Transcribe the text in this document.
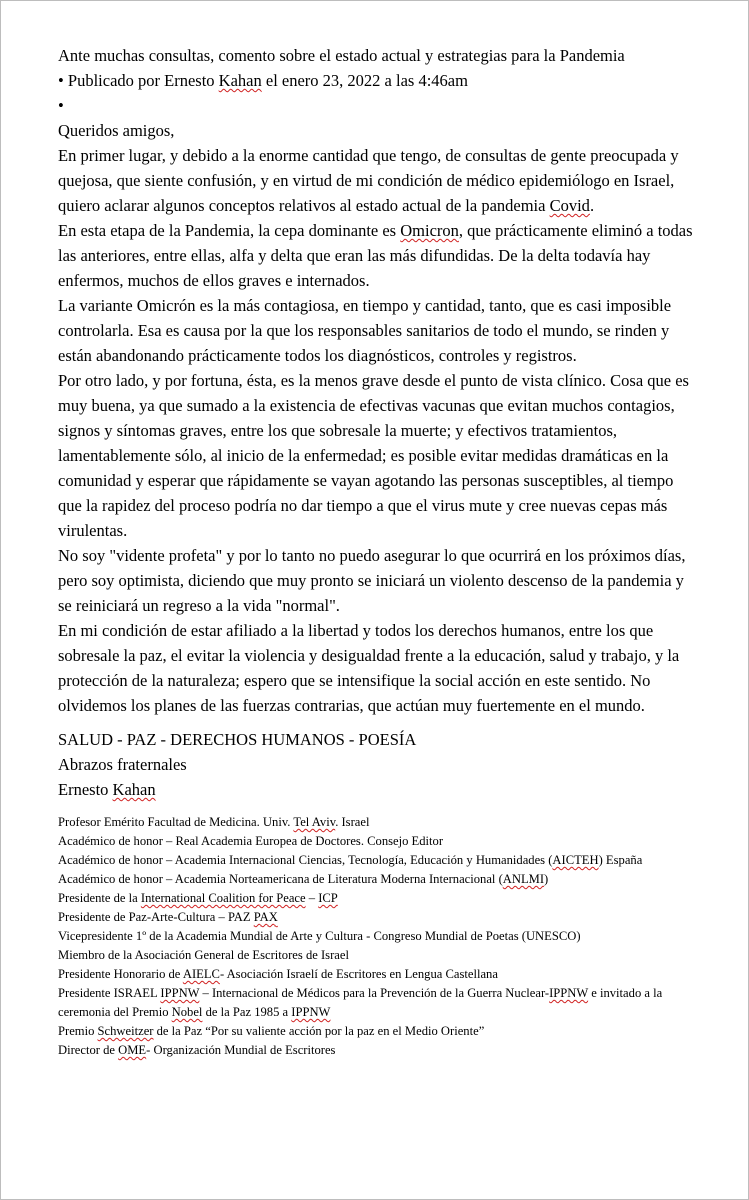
Ante muchas consultas, comento sobre el estado actual y estrategias para la Pandemia

• Publicado por Ernesto Kahan el enero 23, 2022 a las 4:46am

•

Queridos amigos,

En primer lugar, y debido a la enorme cantidad que tengo, de consultas de gente preocupada y quejosa, que siente confusión, y en virtud de mi condición de médico epidemiólogo en Israel, quiero aclarar algunos conceptos relativos al estado actual de la pandemia Covid.

En esta etapa de la Pandemia, la cepa dominante es Omicron, que prácticamente eliminó a todas las anteriores, entre ellas, alfa y delta que eran las más difundidas. De la delta todavía hay enfermos, muchos de ellos graves e internados.

La variante Omicrón es la más contagiosa, en tiempo y cantidad, tanto, que es casi imposible controlarla. Esa es causa por la que los responsables sanitarios de todo el mundo, se rinden y están abandonando prácticamente todos los diagnósticos, controles y registros.

Por otro lado, y por fortuna, ésta, es la menos grave desde el punto de vista clínico. Cosa que es muy buena, ya que sumado a la existencia de efectivas vacunas que evitan muchos contagios, signos y síntomas graves, entre los que sobresale la muerte; y efectivos tratamientos, lamentablemente sólo, al inicio de la enfermedad; es posible evitar medidas dramáticas en la comunidad y esperar que rápidamente se vayan agotando las personas susceptibles, al tiempo que la rapidez del proceso podría no dar tiempo a que el virus mute y cree nuevas cepas más virulentas.

No soy "vidente profeta" y por lo tanto no puedo asegurar lo que ocurrirá en los próximos días, pero soy optimista, diciendo que muy pronto se iniciará un violento descenso de la pandemia y se reiniciará un regreso a la vida "normal".

En mi condición de estar afiliado a la libertad y todos los derechos humanos, entre los que sobresale la paz, el evitar la violencia y desigualdad frente a la educación, salud y trabajo, y la protección de la naturaleza; espero que se intensifique la social acción en este sentido. No olvidemos los planes de las fuerzas contrarias, que actúan muy fuertemente en el mundo.

SALUD - PAZ - DERECHOS HUMANOS - POESÍA

Abrazos fraternales

Ernesto Kahan

Profesor Emérito Facultad de Medicina. Univ. Tel Aviv. Israel

Académico de honor – Real Academia Europea de Doctores. Consejo Editor

Académico de honor – Academia Internacional Ciencias, Tecnología, Educación y Humanidades (AICTEH) España

Académico de honor – Academia Norteamericana de Literatura Moderna Internacional (ANLMI)

Presidente de la International Coalition for Peace – ICP

Presidente de Paz-Arte-Cultura – PAZ PAX

Vicepresidente 1º de la Academia Mundial de Arte y Cultura - Congreso Mundial de Poetas (UNESCO)

Miembro de la Asociación General de Escritores de Israel

Presidente Honorario de AIELC- Asociación Israelí de Escritores en Lengua Castellana

Presidente ISRAEL IPPNW – Internacional de Médicos para la Prevención de la Guerra Nuclear-IPPNW e invitado a la ceremonia del Premio Nobel de la Paz 1985 a IPPNW

Premio Schweitzer de la Paz “Por su valiente acción por la paz en el Medio Oriente”

Director de OME- Organización Mundial de Escritores
